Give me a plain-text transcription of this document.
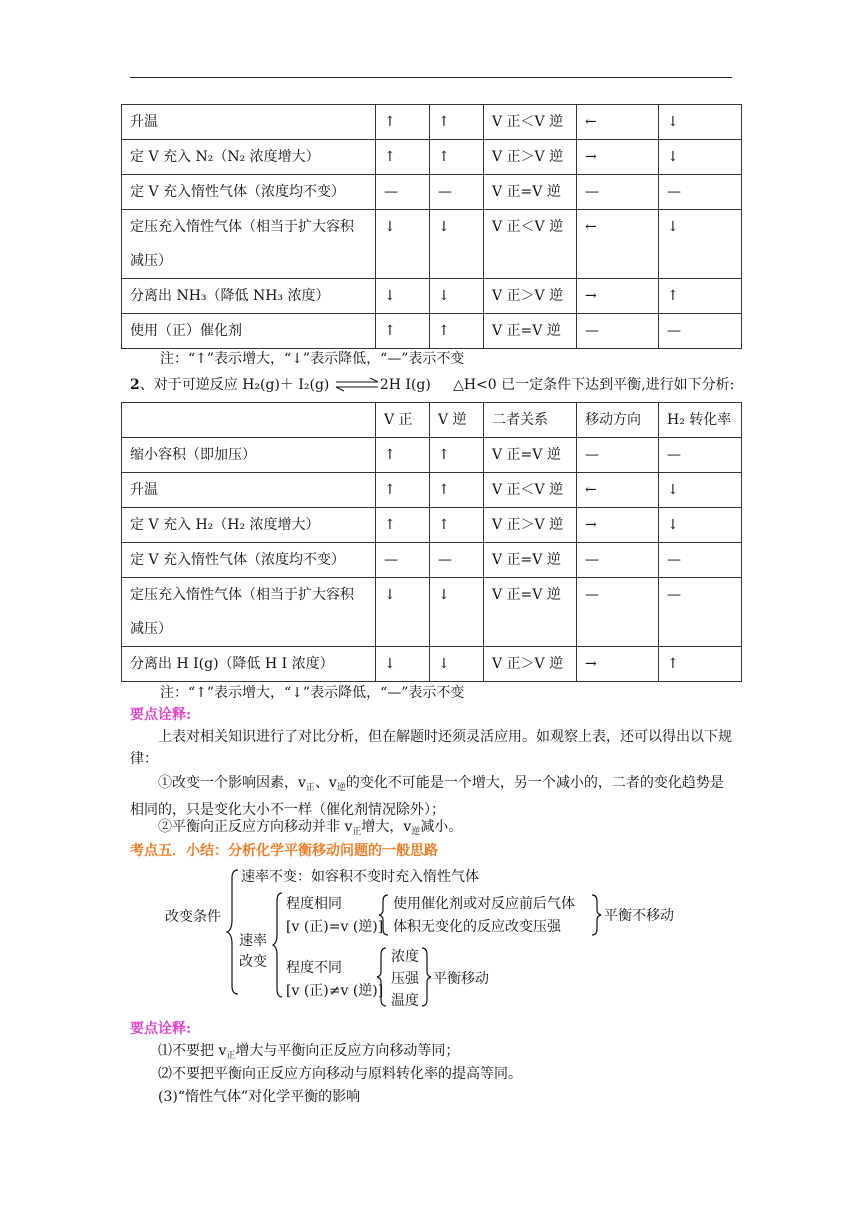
升温	↑	↑	V 正＜V 逆	←	↓
定 V 充入 N₂（N₂ 浓度增大）	↑	↑	V 正＞V 逆	→	↓
定 V 充入惰性气体（浓度均不变）	—	—	V 正=V 逆	—	—
定压充入惰性气体（相当于扩大容积减压）	↓	↓	V 正＜V 逆	←	↓
分离出 NH₃（降低 NH₃ 浓度）	↓	↓	V 正＞V 逆	→	↑
使用（正）催化剂	↑	↑	V 正=V 逆	—	—
注：“↑”表示增大，“↓”表示降低，“—”表示不变
2、对于可逆反应 H₂(g)＋ I₂(g) ⇌2H I(g) △H<0 已一定条件下达到平衡,进行如下分析:
	V 正	V 逆	二者关系	移动方向	H₂ 转化率
缩小容积（即加压）	↑	↑	V 正=V 逆	—	—
升温	↑	↑	V 正＜V 逆	←	↓
定 V 充入 H₂（H₂ 浓度增大）	↑	↑	V 正＞V 逆	→	↓
定 V 充入惰性气体（浓度均不变）	—	—	V 正=V 逆	—	—
定压充入惰性气体（相当于扩大容积减压）	↓	↓	V 正=V 逆	—	—
分离出 H I(g)（降低 H I 浓度）	↓	↓	V 正＞V 逆	→	↑
注：“↑”表示增大，“↓”表示降低，“—”表示不变
要点诠释:
上表对相关知识进行了对比分析，但在解题时还须灵活应用。如观察上表，还可以得出以下规律：
①改变一个影响因素，$v_正$、$v_逆$的变化不可能是一个增大，另一个减小的，二者的变化趋势是相同的，只是变化大小不一样（催化剂情况除外）；
②平衡向正反应方向移动并非 $v_正$增大，$v_逆$减小。
考点五．小结：分析化学平衡移动问题的一般思路
改变条件
速率不变：如容积不变时充入惰性气体
速率
改变
程度相同
[v (正)=v (逆)]
使用催化剂或对反应前后气体
体积无变化的反应改变压强
平衡不移动
程度不同
[v (正)≠v (逆)]
浓度
压强
温度
平衡移动
要点诠释:
⑴不要把 $v_正$增大与平衡向正反应方向移动等同；
⑵不要把平衡向正反应方向移动与原料转化率的提高等同。
(3)“惰性气体”对化学平衡的影响
